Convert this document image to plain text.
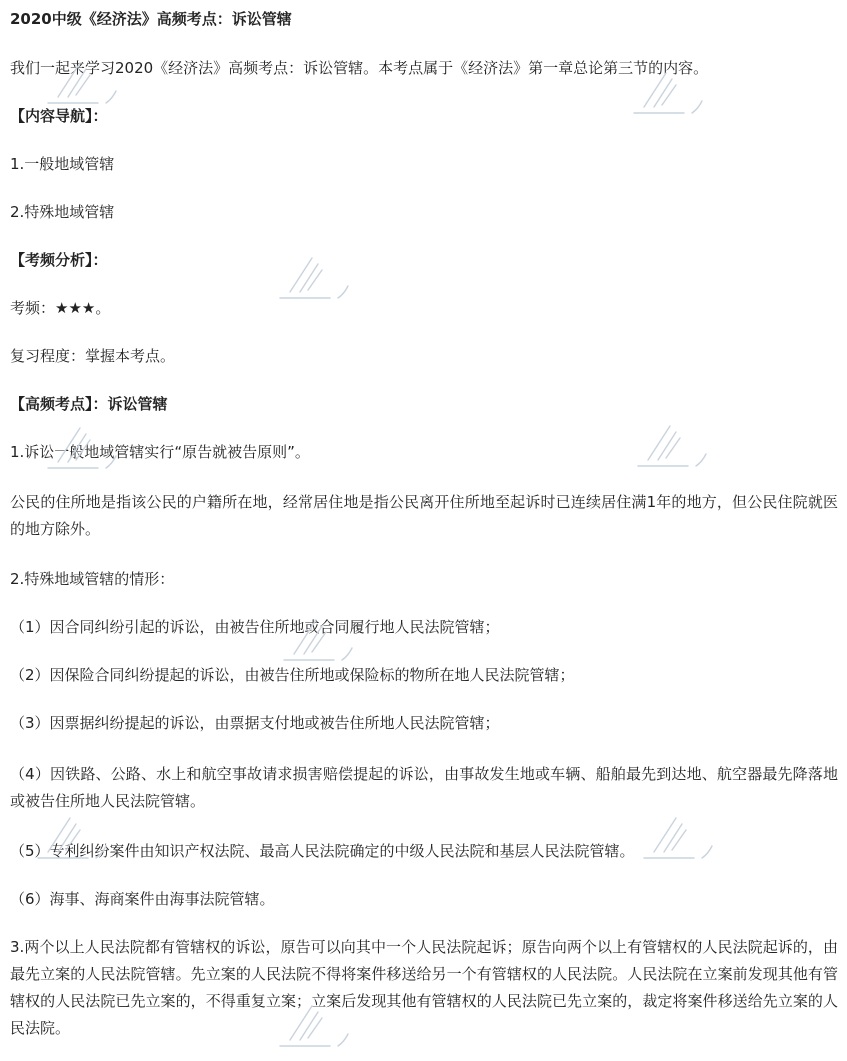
2020中级《经济法》高频考点：诉讼管辖
我们一起来学习2020《经济法》高频考点：诉讼管辖。本考点属于《经济法》第一章总论第三节的内容。
【内容导航】：
1.一般地域管辖
2.特殊地域管辖
【考频分析】：
考频：★★★。
复习程度：掌握本考点。
【高频考点】：诉讼管辖
1.诉讼一般地域管辖实行“原告就被告原则”。
公民的住所地是指该公民的户籍所在地，经常居住地是指公民离开住所地至起诉时已连续居住满1年的地方，但公民住院就医的地方除外。
2.特殊地域管辖的情形：
（1）因合同纠纷引起的诉讼，由被告住所地或合同履行地人民法院管辖；
（2）因保险合同纠纷提起的诉讼，由被告住所地或保险标的物所在地人民法院管辖；
（3）因票据纠纷提起的诉讼，由票据支付地或被告住所地人民法院管辖；
（4）因铁路、公路、水上和航空事故请求损害赔偿提起的诉讼，由事故发生地或车辆、船舶最先到达地、航空器最先降落地或被告住所地人民法院管辖。
（5）专利纠纷案件由知识产权法院、最高人民法院确定的中级人民法院和基层人民法院管辖。
（6）海事、海商案件由海事法院管辖。
3.两个以上人民法院都有管辖权的诉讼，原告可以向其中一个人民法院起诉；原告向两个以上有管辖权的人民法院起诉的，由最先立案的人民法院管辖。先立案的人民法院不得将案件移送给另一个有管辖权的人民法院。人民法院在立案前发现其他有管辖权的人民法院已先立案的，不得重复立案；立案后发现其他有管辖权的人民法院已先立案的，裁定将案件移送给先立案的人民法院。
